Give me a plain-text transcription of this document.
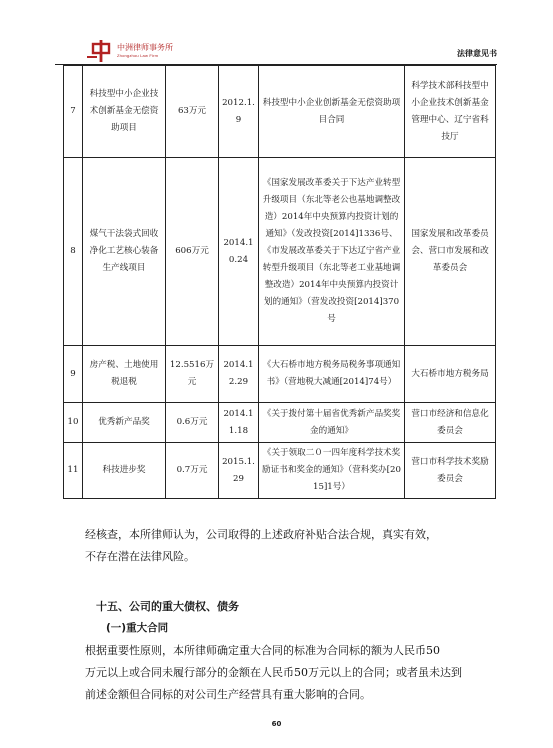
中洲律师事务所
Zhongzhou Law Firm	法律意见书
7	科技型中小企业技术创新基金无偿资助项目	63万元	2012.1.9	科技型中小企业创新基金无偿资助项目合同	科学技术部科技型中小企业技术创新基金管理中心、辽宁省科技厅
8	煤气干法袋式回收净化工艺核心装备生产线项目	606万元	2014.10.24	《国家发展改革委关于下达产业转型升级项目（东北等老公也基地调整改造）2014年中央预算内投资计划的通知》（发改投资[2014]1336号、《市发展改革委关于下达辽宁省产业转型升级项目（东北等老工业基地调整改造）2014年中央预算内投资计划的通知》（营发改投资[2014]370号	国家发展和改革委员会、营口市发展和改革委员会
9	房产税、土地使用税退税	12.5516万元	2014.12.29	《大石桥市地方税务局税务事项通知书》（营地税大减通[2014]74号）	大石桥市地方税务局
10	优秀新产品奖	0.6万元	2014.11.18	《关于拨付第十届省优秀新产品奖奖金的通知》	营口市经济和信息化委员会
11	科技进步奖	0.7万元	2015.1.29	《关于领取二０一四年度科学技术奖励证书和奖金的通知》（营科奖办[2015]1号）	营口市科学技术奖励委员会
经核查，本所律师认为，公司取得的上述政府补贴合法合规，真实有效，
不存在潜在法律风险。
十五、公司的重大债权、债务
(一)重大合同
根据重要性原则，本所律师确定重大合同的标准为合同标的额为人民币50
万元以上或合同未履行部分的金额在人民币50万元以上的合同；或者虽未达到
前述金额但合同标的对公司生产经营具有重大影响的合同。
60
